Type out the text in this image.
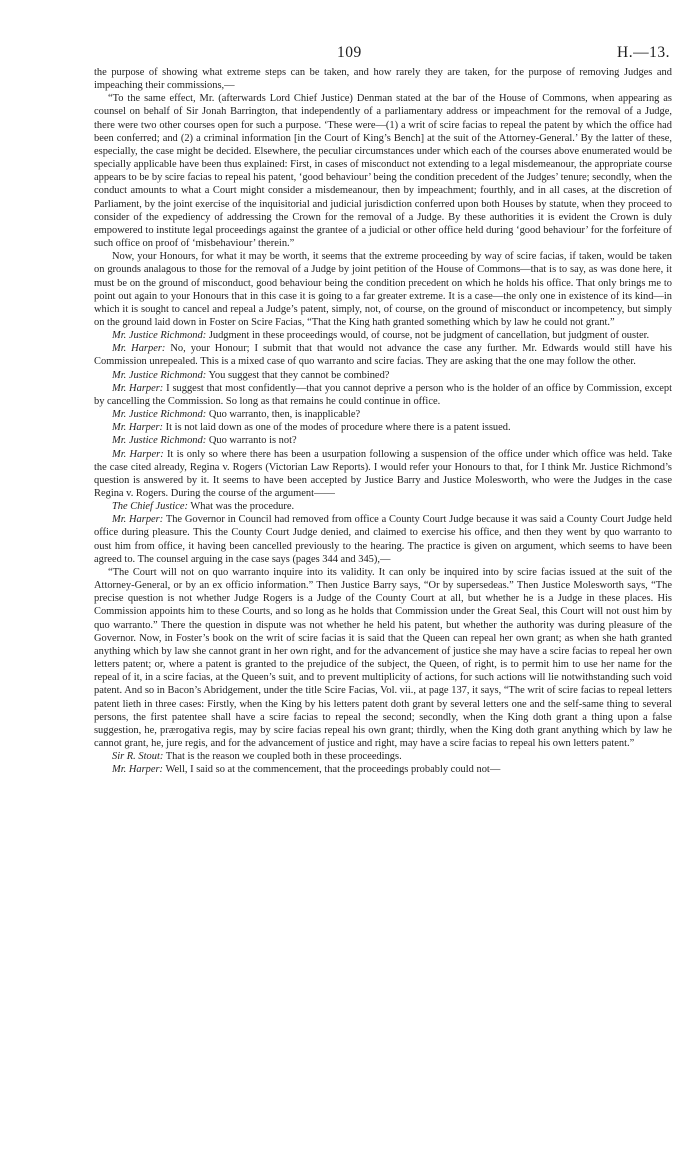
109	H.—13.

the purpose of showing what extreme steps can be taken, and how rarely they are taken, for the purpose of removing Judges and impeaching their commissions,—

“To the same effect, Mr. (afterwards Lord Chief Justice) Denman stated at the bar of the House of Commons, when appearing as counsel on behalf of Sir Jonah Barrington, that independently of a parliamentary address or impeachment for the removal of a Judge, there were two other courses open for such a purpose. ‘These were—(1) a writ of scire facias to repeal the patent by which the office had been conferred; and (2) a criminal information [in the Court of King’s Bench] at the suit of the Attorney-General.’ By the latter of these, especially, the case might be decided. Elsewhere, the peculiar circumstances under which each of the courses above enumerated would be specially applicable have been thus explained: First, in cases of misconduct not extending to a legal misdemeanour, the appropriate course appears to be by scire facias to repeal his patent, ‘good behaviour’ being the condition precedent of the Judges’ tenure; secondly, when the conduct amounts to what a Court might consider a misdemeanour, then by impeachment; fourthly, and in all cases, at the discretion of Parliament, by the joint exercise of the inquisitorial and judicial jurisdiction conferred upon both Houses by statute, when they proceed to consider of the expediency of addressing the Crown for the removal of a Judge. By these authorities it is evident the Crown is duly empowered to institute legal proceedings against the grantee of a judicial or other office held during ‘good behaviour’ for the forfeiture of such office on proof of ‘misbehaviour’ therein.”

Now, your Honours, for what it may be worth, it seems that the extreme proceeding by way of scire facias, if taken, would be taken on grounds analagous to those for the removal of a Judge by joint petition of the House of Commons—that is to say, as was done here, it must be on the ground of misconduct, good behaviour being the condition precedent on which he holds his office. That only brings me to point out again to your Honours that in this case it is going to a far greater extreme. It is a case—the only one in existence of its kind—in which it is sought to cancel and repeal a Judge’s patent, simply, not, of course, on the ground of misconduct or incompetency, but simply on the ground laid down in Foster on Scire Facias, “That the King hath granted something which by law he could not grant.”

Mr. Justice Richmond: Judgment in these proceedings would, of course, not be judgment of cancellation, but judgment of ouster.

Mr. Harper: No, your Honour; I submit that that would not advance the case any further. Mr. Edwards would still have his Commission unrepealed. This is a mixed case of quo warranto and scire facias. They are asking that the one may follow the other.

Mr. Justice Richmond: You suggest that they cannot be combined?

Mr. Harper: I suggest that most confidently—that you cannot deprive a person who is the holder of an office by Commission, except by cancelling the Commission. So long as that remains he could continue in office.

Mr. Justice Richmond: Quo warranto, then, is inapplicable?

Mr. Harper: It is not laid down as one of the modes of procedure where there is a patent issued.

Mr. Justice Richmond: Quo warranto is not?

Mr. Harper: It is only so where there has been a usurpation following a suspension of the office under which office was held. Take the case cited already, Regina v. Rogers (Victorian Law Reports). I would refer your Honours to that, for I think Mr. Justice Richmond’s question is answered by it. It seems to have been accepted by Justice Barry and Justice Molesworth, who were the Judges in the case Regina v. Rogers. During the course of the argument——

The Chief Justice: What was the procedure.

Mr. Harper: The Governor in Council had removed from office a County Court Judge because it was said a County Court Judge held office during pleasure. This the County Court Judge denied, and claimed to exercise his office, and then they went by quo warranto to oust him from office, it having been cancelled previously to the hearing. The practice is given on argument, which seems to have been agreed to. The counsel arguing in the case says (pages 344 and 345),—

“The Court will not on quo warranto inquire into its validity. It can only be inquired into by scire facias issued at the suit of the Attorney-General, or by an ex officio information.” Then Justice Barry says, “Or by supersedeas.” Then Justice Molesworth says, “The precise question is not whether Judge Rogers is a Judge of the County Court at all, but whether he is a Judge in these places. His Commission appoints him to these Courts, and so long as he holds that Commission under the Great Seal, this Court will not oust him by quo warranto.” There the question in dispute was not whether he held his patent, but whether the authority was during pleasure of the Governor. Now, in Foster’s book on the writ of scire facias it is said that the Queen can repeal her own grant; as when she hath granted anything which by law she cannot grant in her own right, and for the advancement of justice she may have a scire facias to repeal her own letters patent; or, where a patent is granted to the prejudice of the subject, the Queen, of right, is to permit him to use her name for the repeal of it, in a scire facias, at the Queen’s suit, and to prevent multiplicity of actions, for such actions will lie notwithstanding such void patent. And so in Bacon’s Abridgement, under the title Scire Facias, Vol. vii., at page 137, it says, “The writ of scire facias to repeal letters patent lieth in three cases: Firstly, when the King by his letters patent doth grant by several letters one and the self-same thing to several persons, the first patentee shall have a scire facias to repeal the second; secondly, when the King doth grant a thing upon a false suggestion, he, prærogativa regis, may by scire facias repeal his own grant; thirdly, when the King doth grant anything which by law he cannot grant, he, jure regis, and for the advancement of justice and right, may have a scire facias to repeal his own letters patent.”

Sir R. Stout: That is the reason we coupled both in these proceedings.

Mr. Harper: Well, I said so at the commencement, that the proceedings probably could not—
